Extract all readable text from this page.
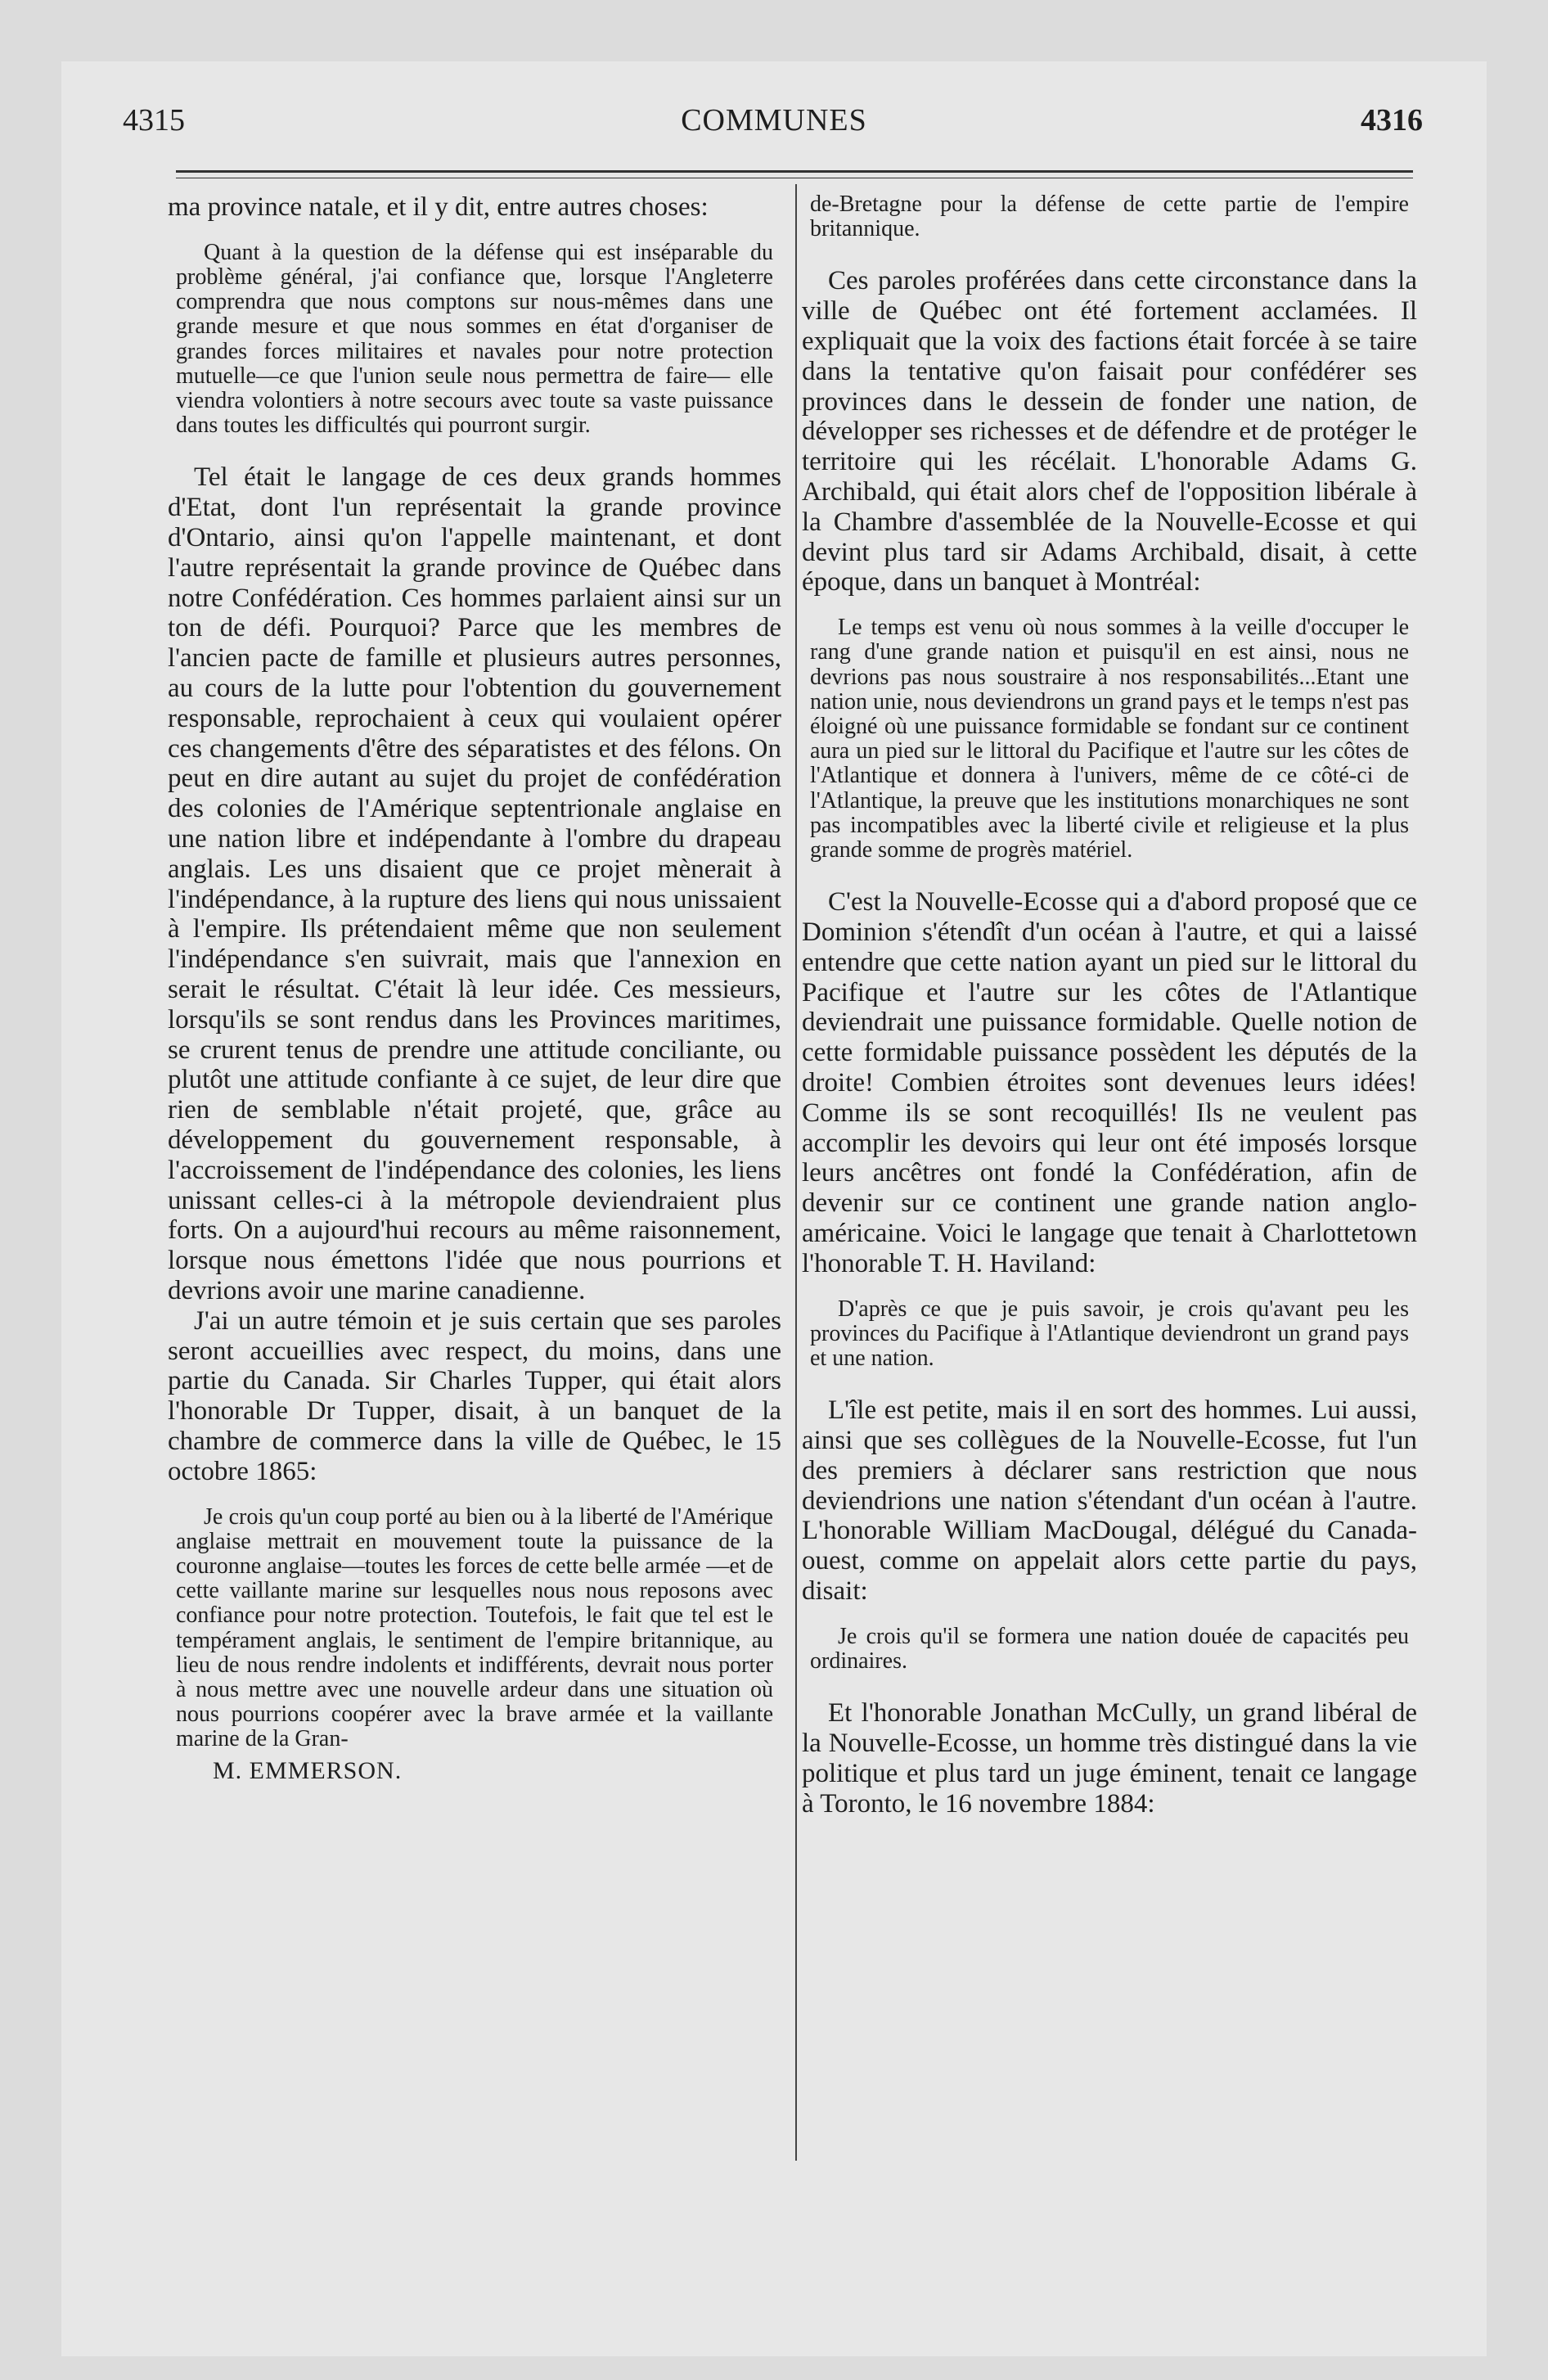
COMMUNES
4315	4316

ma province natale, et il y dit, entre autres choses:

Quant à la question de la défense qui est inséparable du problème général, j'ai confiance que, lorsque l'Angleterre comprendra que nous comptons sur nous-mêmes dans une grande mesure et que nous sommes en état d'organiser de grandes forces militaires et navales pour notre protection mutuelle—ce que l'union seule nous permettra de faire— elle viendra volontiers à notre secours avec toute sa vaste puissance dans toutes les difficultés qui pourront surgir.

Tel était le langage de ces deux grands hommes d'Etat, dont l'un représentait la grande province d'Ontario, ainsi qu'on l'appelle maintenant, et dont l'autre représentait la grande province de Québec dans notre Confédération. Ces hommes parlaient ainsi sur un ton de défi. Pourquoi? Parce que les membres de l'ancien pacte de famille et plusieurs autres personnes, au cours de la lutte pour l'obtention du gouvernement responsable, reprochaient à ceux qui voulaient opérer ces changements d'être des séparatistes et des félons. On peut en dire autant au sujet du projet de confédération des colonies de l'Amérique septentrionale anglaise en une nation libre et indépendante à l'ombre du drapeau anglais. Les uns disaient que ce projet mènerait à l'indépendance, à la rupture des liens qui nous unissaient à l'empire. Ils prétendaient même que non seulement l'indépendance s'en suivrait, mais que l'annexion en serait le résultat. C'était là leur idée. Ces messieurs, lorsqu'ils se sont rendus dans les Provinces maritimes, se crurent tenus de prendre une attitude conciliante, ou plutôt une attitude confiante à ce sujet, de leur dire que rien de semblable n'était projeté, que, grâce au développement du gouvernement responsable, à l'accroissement de l'indépendance des colonies, les liens unissant celles-ci à la métropole deviendraient plus forts. On a aujourd'hui recours au même raisonnement, lorsque nous émettons l'idée que nous pourrions et devrions avoir une marine canadienne.

J'ai un autre témoin et je suis certain que ses paroles seront accueillies avec respect, du moins, dans une partie du Canada. Sir Charles Tupper, qui était alors l'honorable Dr Tupper, disait, à un banquet de la chambre de commerce dans la ville de Québec, le 15 octobre 1865:

Je crois qu'un coup porté au bien ou à la liberté de l'Amérique anglaise mettrait en mouvement toute la puissance de la couronne anglaise—toutes les forces de cette belle armée —et de cette vaillante marine sur lesquelles nous nous reposons avec confiance pour notre protection. Toutefois, le fait que tel est le tempérament anglais, le sentiment de l'empire britannique, au lieu de nous rendre indolents et indifférents, devrait nous porter à nous mettre avec une nouvelle ardeur dans une situation où nous pourrions coopérer avec la brave armée et la vaillante marine de la Gran-

M. EMMERSON.

de-Bretagne pour la défense de cette partie de l'empire britannique.

Ces paroles proférées dans cette circonstance dans la ville de Québec ont été fortement acclamées. Il expliquait que la voix des factions était forcée à se taire dans la tentative qu'on faisait pour confédérer ses provinces dans le dessein de fonder une nation, de développer ses richesses et de défendre et de protéger le territoire qui les récélait. L'honorable Adams G. Archibald, qui était alors chef de l'opposition libérale à la Chambre d'assemblée de la Nouvelle-Ecosse et qui devint plus tard sir Adams Archibald, disait, à cette époque, dans un banquet à Montréal:

Le temps est venu où nous sommes à la veille d'occuper le rang d'une grande nation et puisqu'il en est ainsi, nous ne devrions pas nous soustraire à nos responsabilités...Etant une nation unie, nous deviendrons un grand pays et le temps n'est pas éloigné où une puissance formidable se fondant sur ce continent aura un pied sur le littoral du Pacifique et l'autre sur les côtes de l'Atlantique et donnera à l'univers, même de ce côté-ci de l'Atlantique, la preuve que les institutions monarchiques ne sont pas incompatibles avec la liberté civile et religieuse et la plus grande somme de progrès matériel.

C'est la Nouvelle-Ecosse qui a d'abord proposé que ce Dominion s'étendît d'un océan à l'autre, et qui a laissé entendre que cette nation ayant un pied sur le littoral du Pacifique et l'autre sur les côtes de l'Atlantique deviendrait une puissance formidable. Quelle notion de cette formidable puissance possèdent les députés de la droite! Combien étroites sont devenues leurs idées! Comme ils se sont recoquillés! Ils ne veulent pas accomplir les devoirs qui leur ont été imposés lorsque leurs ancêtres ont fondé la Confédération, afin de devenir sur ce continent une grande nation anglo-américaine. Voici le langage que tenait à Charlottetown l'honorable T. H. Haviland:

D'après ce que je puis savoir, je crois qu'avant peu les provinces du Pacifique à l'Atlantique deviendront un grand pays et une nation.

L'île est petite, mais il en sort des hommes. Lui aussi, ainsi que ses collègues de la Nouvelle-Ecosse, fut l'un des premiers à déclarer sans restriction que nous deviendrions une nation s'étendant d'un océan à l'autre. L'honorable William MacDougal, délégué du Canada-ouest, comme on appelait alors cette partie du pays, disait:

Je crois qu'il se formera une nation douée de capacités peu ordinaires.

Et l'honorable Jonathan McCully, un grand libéral de la Nouvelle-Ecosse, un homme très distingué dans la vie politique et plus tard un juge éminent, tenait ce langage à Toronto, le 16 novembre 1884:
